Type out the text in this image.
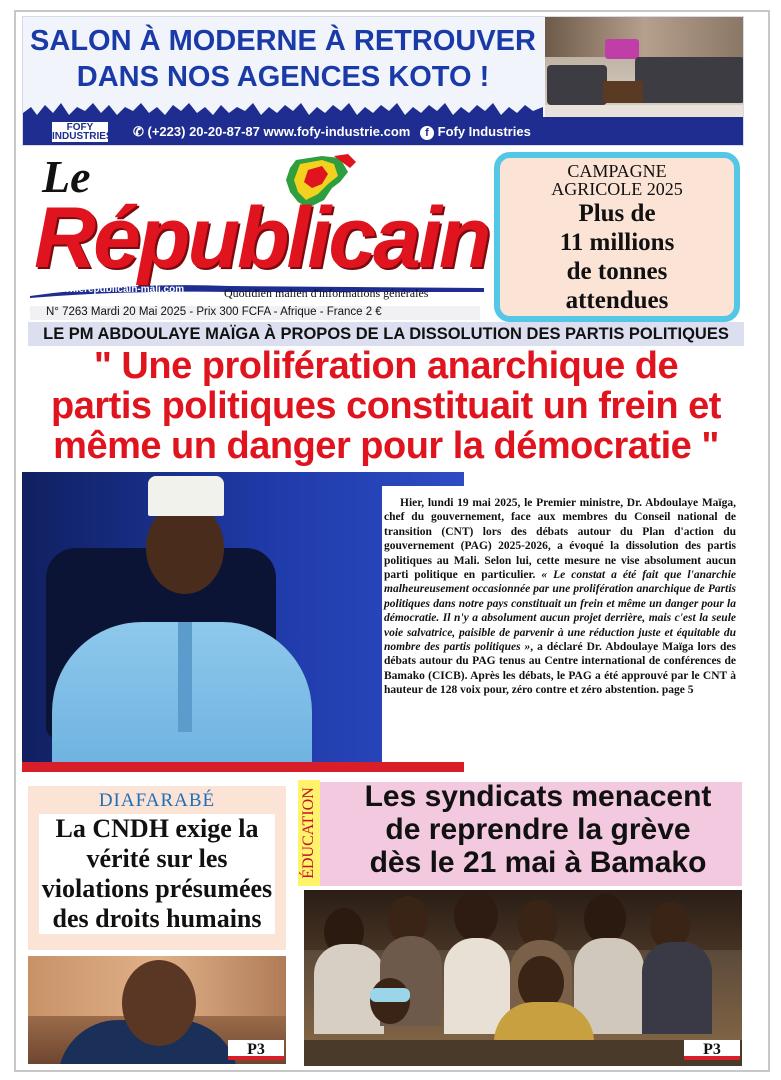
SALON À MODERNE À RETROUVER
DANS NOS AGENCES KOTO !
FOFY INDUSTRIES ✆ (+223) 20-20-87-87 www.fofy-industrie.com f Fofy Industries
Le
Républicain
www.lerepublicain-mali.com	Quotidien malien d'informations générales
CAMPAGNE
AGRICOLE 2025
Plus de
11 millions
de tonnes
attendues
N° 7263 Mardi 20 Mai 2025 - Prix 300 FCFA - Afrique - France 2 €
LE PM ABDOULAYE MAÏGA À PROPOS DE LA DISSOLUTION DES PARTIS POLITIQUES
" Une prolifération anarchique de
partis politiques constituait un frein et
même un danger pour la démocratie "
Hier, lundi 19 mai 2025, le Premier ministre, Dr. Abdoulaye Maïga, chef du gouvernement, face aux membres du Conseil national de transition (CNT) lors des débats autour du Plan d'action du gouvernement (PAG) 2025-2026, a évoqué la dissolution des partis politiques au Mali. Selon lui, cette mesure ne vise absolument aucun parti politique en particulier. « Le constat a été fait que l'anarchie malheureusement occasionnée par une prolifération anarchique de Partis politiques dans notre pays constituait un frein et même un danger pour la démocratie. Il n'y a absolument aucun projet derrière, mais c'est la seule voie salvatrice, paisible de parvenir à une réduction juste et équitable du nombre des partis politiques », a déclaré Dr. Abdoulaye Maïga lors des débats autour du PAG tenus au Centre international de conférences de Bamako (CICB). Après les débats, le PAG a été approuvé par le CNT à hauteur de 128 voix pour, zéro contre et zéro abstention. page 5
DIAFARABÉ
La CNDH exige la
vérité sur les
violations présumées
des droits humains
P3
ÉDUCATION	Les syndicats menacent
de reprendre la grève
dès le 21 mai à Bamako
P3
